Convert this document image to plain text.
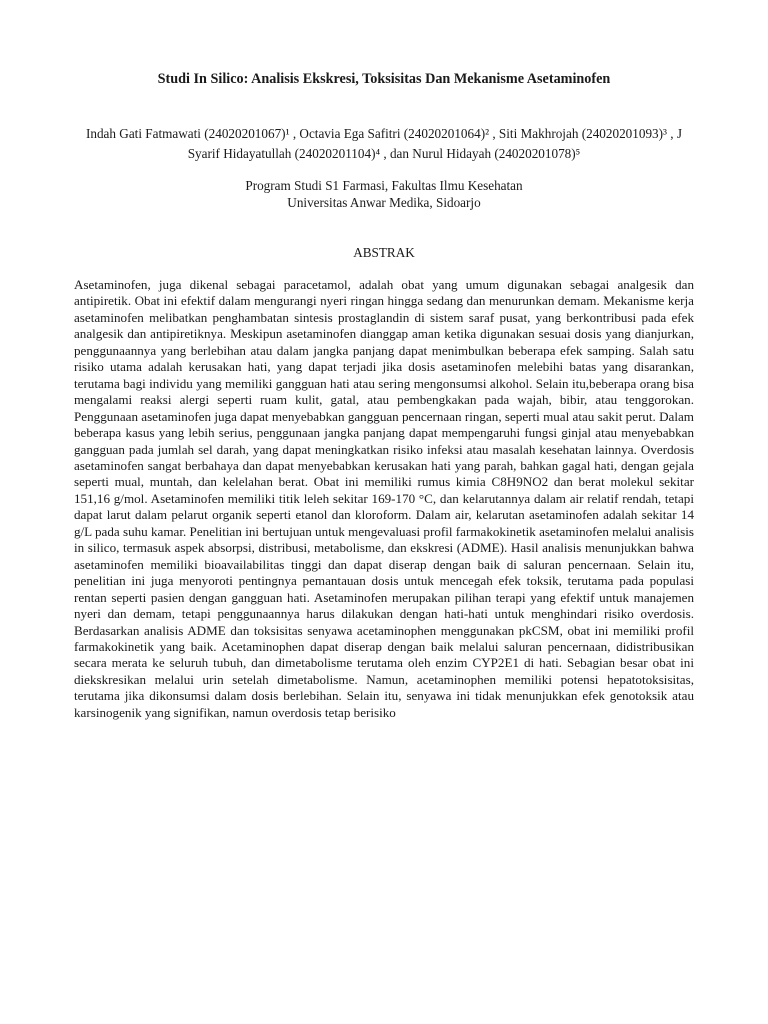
Studi In Silico: Analisis Ekskresi, Toksisitas Dan Mekanisme Asetaminofen
Indah Gati Fatmawati (24020201067)¹ , Octavia Ega Safitri (24020201064)² , Siti Makhrojah (24020201093)³ , J Syarif Hidayatullah (24020201104)⁴ , dan Nurul Hidayah (24020201078)⁵
Program Studi S1 Farmasi, Fakultas Ilmu Kesehatan
Universitas Anwar Medika, Sidoarjo
ABSTRAK
Asetaminofen, juga dikenal sebagai paracetamol, adalah obat yang umum digunakan sebagai analgesik dan antipiretik. Obat ini efektif dalam mengurangi nyeri ringan hingga sedang dan menurunkan demam. Mekanisme kerja asetaminofen melibatkan penghambatan sintesis prostaglandin di sistem saraf pusat, yang berkontribusi pada efek analgesik dan antipiretiknya. Meskipun asetaminofen dianggap aman ketika digunakan sesuai dosis yang dianjurkan, penggunaannya yang berlebihan atau dalam jangka panjang dapat menimbulkan beberapa efek samping. Salah satu risiko utama adalah kerusakan hati, yang dapat terjadi jika dosis asetaminofen melebihi batas yang disarankan, terutama bagi individu yang memiliki gangguan hati atau sering mengonsumsi alkohol. Selain itu,beberapa orang bisa mengalami reaksi alergi seperti ruam kulit, gatal, atau pembengkakan pada wajah, bibir, atau tenggorokan. Penggunaan asetaminofen juga dapat menyebabkan gangguan pencernaan ringan, seperti mual atau sakit perut. Dalam beberapa kasus yang lebih serius, penggunaan jangka panjang dapat mempengaruhi fungsi ginjal atau menyebabkan gangguan pada jumlah sel darah, yang dapat meningkatkan risiko infeksi atau masalah kesehatan lainnya. Overdosis asetaminofen sangat berbahaya dan dapat menyebabkan kerusakan hati yang parah, bahkan gagal hati, dengan gejala seperti mual, muntah, dan kelelahan berat. Obat ini memiliki rumus kimia C8H9NO2 dan berat molekul sekitar 151,16 g/mol. Asetaminofen memiliki titik leleh sekitar 169-170 °C, dan kelarutannya dalam air relatif rendah, tetapi dapat larut dalam pelarut organik seperti etanol dan kloroform. Dalam air, kelarutan asetaminofen adalah sekitar 14 g/L pada suhu kamar. Penelitian ini bertujuan untuk mengevaluasi profil farmakokinetik asetaminofen melalui analisis in silico, termasuk aspek absorpsi, distribusi, metabolisme, dan ekskresi (ADME). Hasil analisis menunjukkan bahwa asetaminofen memiliki bioavailabilitas tinggi dan dapat diserap dengan baik di saluran pencernaan. Selain itu, penelitian ini juga menyoroti pentingnya pemantauan dosis untuk mencegah efek toksik, terutama pada populasi rentan seperti pasien dengan gangguan hati. Asetaminofen merupakan pilihan terapi yang efektif untuk manajemen nyeri dan demam, tetapi penggunaannya harus dilakukan dengan hati-hati untuk menghindari risiko overdosis. Berdasarkan analisis ADME dan toksisitas senyawa acetaminophen menggunakan pkCSM, obat ini memiliki profil farmakokinetik yang baik. Acetaminophen dapat diserap dengan baik melalui saluran pencernaan, didistribusikan secara merata ke seluruh tubuh, dan dimetabolisme terutama oleh enzim CYP2E1 di hati. Sebagian besar obat ini diekskresikan melalui urin setelah dimetabolisme. Namun, acetaminophen memiliki potensi hepatotoksisitas, terutama jika dikonsumsi dalam dosis berlebihan. Selain itu, senyawa ini tidak menunjukkan efek genotoksik atau karsinogenik yang signifikan, namun overdosis tetap berisiko
